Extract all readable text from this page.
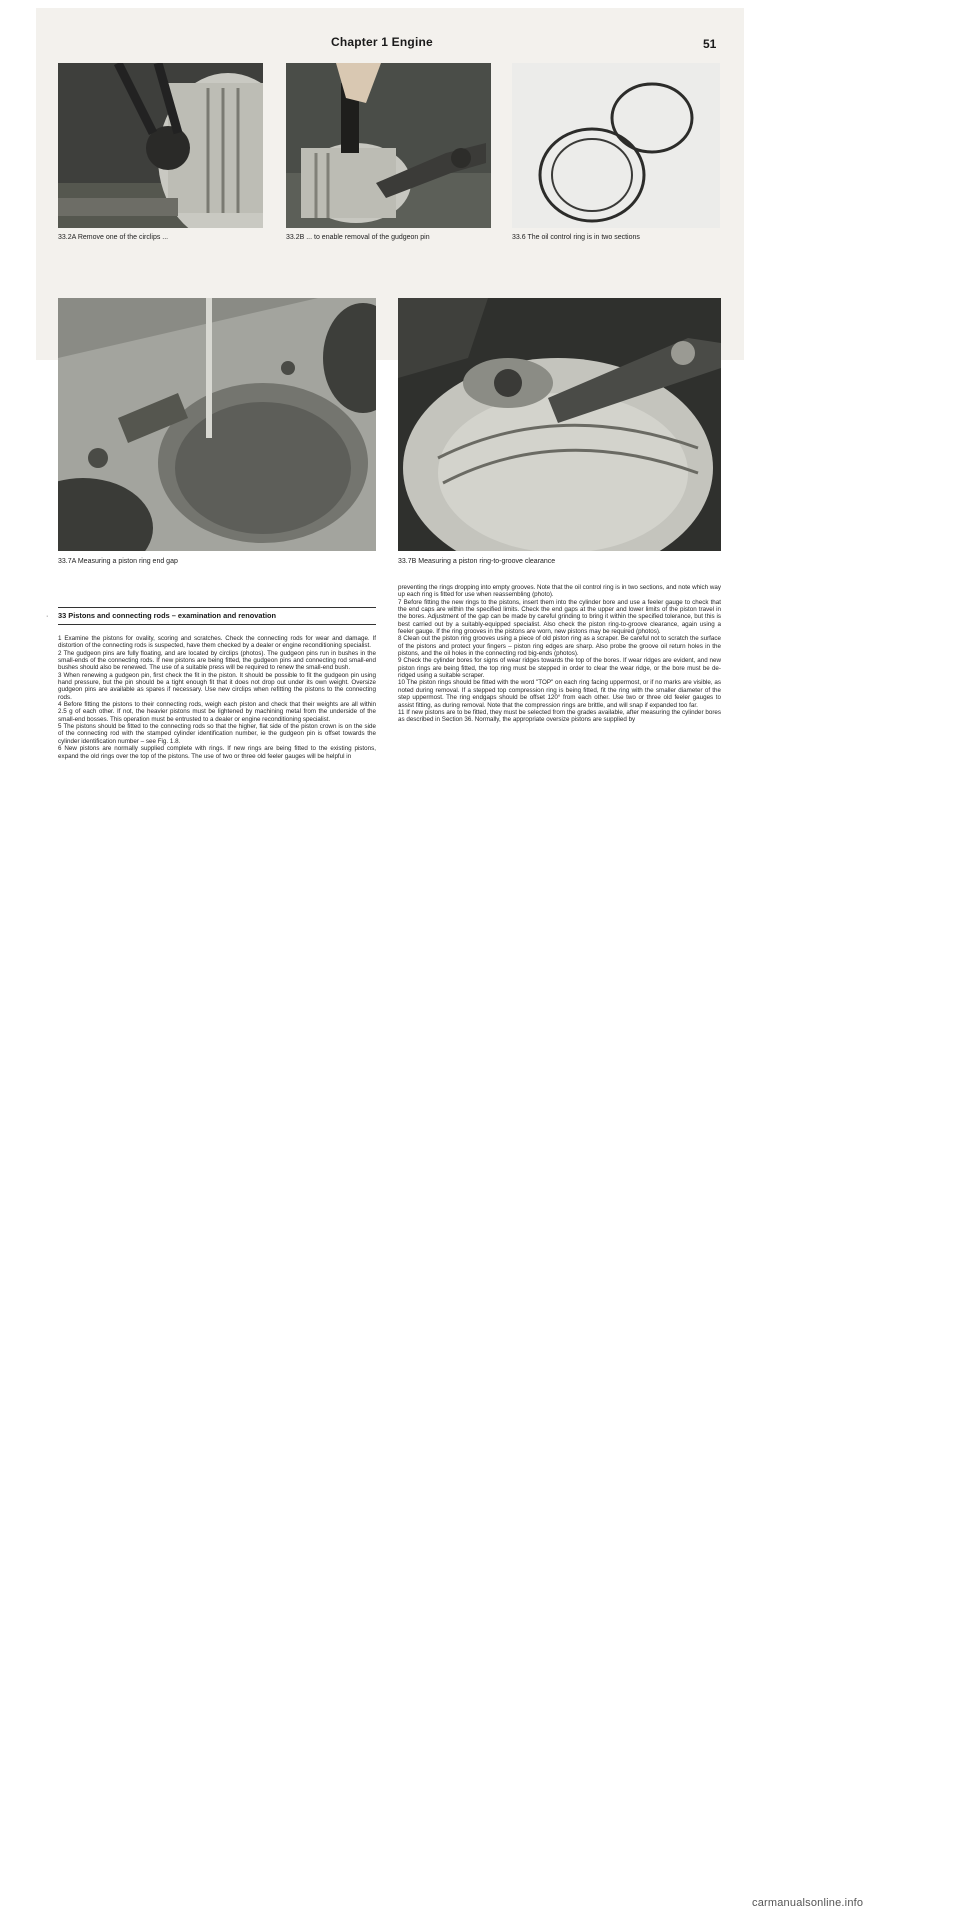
Chapter 1 Engine	51
33.2A Remove one of the circlips ...	33.2B ... to enable removal of the gudgeon pin	33.6 The oil control ring is in two sections
33.7A Measuring a piston ring end gap	33.7B Measuring a piston ring-to-groove clearance
· 33 Pistons and connecting rods – examination and renovation

1 Examine the pistons for ovality, scoring and scratches. Check the connecting rods for wear and damage. If distortion of the connecting rods is suspected, have them checked by a dealer or engine reconditioning specialist.

2 The gudgeon pins are fully floating, and are located by circlips (photos). The gudgeon pins run in bushes in the small-ends of the connecting rods. If new pistons are being fitted, the gudgeon pins and connecting rod small-end bushes should also be renewed. The use of a suitable press will be required to renew the small-end bush.

3 When renewing a gudgeon pin, first check the fit in the piston. It should be possible to fit the gudgeon pin using hand pressure, but the pin should be a tight enough fit that it does not drop out under its own weight. Oversize gudgeon pins are available as spares if necessary. Use new circlips when refitting the pistons to the connecting rods.

4 Before fitting the pistons to their connecting rods, weigh each piston and check that their weights are all within 2.5 g of each other. If not, the heavier pistons must be lightened by machining metal from the underside of the small-end bosses. This operation must be entrusted to a dealer or engine reconditioning specialist.

5 The pistons should be fitted to the connecting rods so that the higher, flat side of the piston crown is on the side of the connecting rod with the stamped cylinder identification number, ie the gudgeon pin is offset towards the cylinder identification number – see Fig. 1.8.

6 New pistons are normally supplied complete with rings. If new rings are being fitted to the existing pistons, expand the old rings over the top of the pistons. The use of two or three old feeler gauges will be helpful in

preventing the rings dropping into empty grooves. Note that the oil control ring is in two sections, and note which way up each ring is fitted for use when reassembling (photo).

7 Before fitting the new rings to the pistons, insert them into the cylinder bore and use a feeler gauge to check that the end caps are within the specified limits. Check the end gaps at the upper and lower limits of the piston travel in the bores. Adjustment of the gap can be made by careful grinding to bring it within the specified tolerance, but this is best carried out by a suitably-equipped specialist. Also check the piston ring-to-groove clearance, again using a feeler gauge. If the ring grooves in the pistons are worn, new pistons may be required (photos).

8 Clean out the piston ring grooves using a piece of old piston ring as a scraper. Be careful not to scratch the surface of the pistons and protect your fingers – piston ring edges are sharp. Also probe the groove oil return holes in the pistons, and the oil holes in the connecting rod big-ends (photos).

9 Check the cylinder bores for signs of wear ridges towards the top of the bores. If wear ridges are evident, and new piston rings are being fitted, the top ring must be stepped in order to clear the wear ridge, or the bore must be de-ridged using a suitable scraper.

10 The piston rings should be fitted with the word "TOP" on each ring facing uppermost, or if no marks are visible, as noted during removal. If a stepped top compression ring is being fitted, fit the ring with the smaller diameter of the step uppermost. The ring endgaps should be offset 120° from each other. Use two or three old feeler gauges to assist fitting, as during removal. Note that the compression rings are brittle, and will snap if expanded too far.

11 If new pistons are to be fitted, they must be selected from the grades available, after measuring the cylinder bores as described in Section 36. Normally, the appropriate oversize pistons are supplied by

carmanualsonline.info
